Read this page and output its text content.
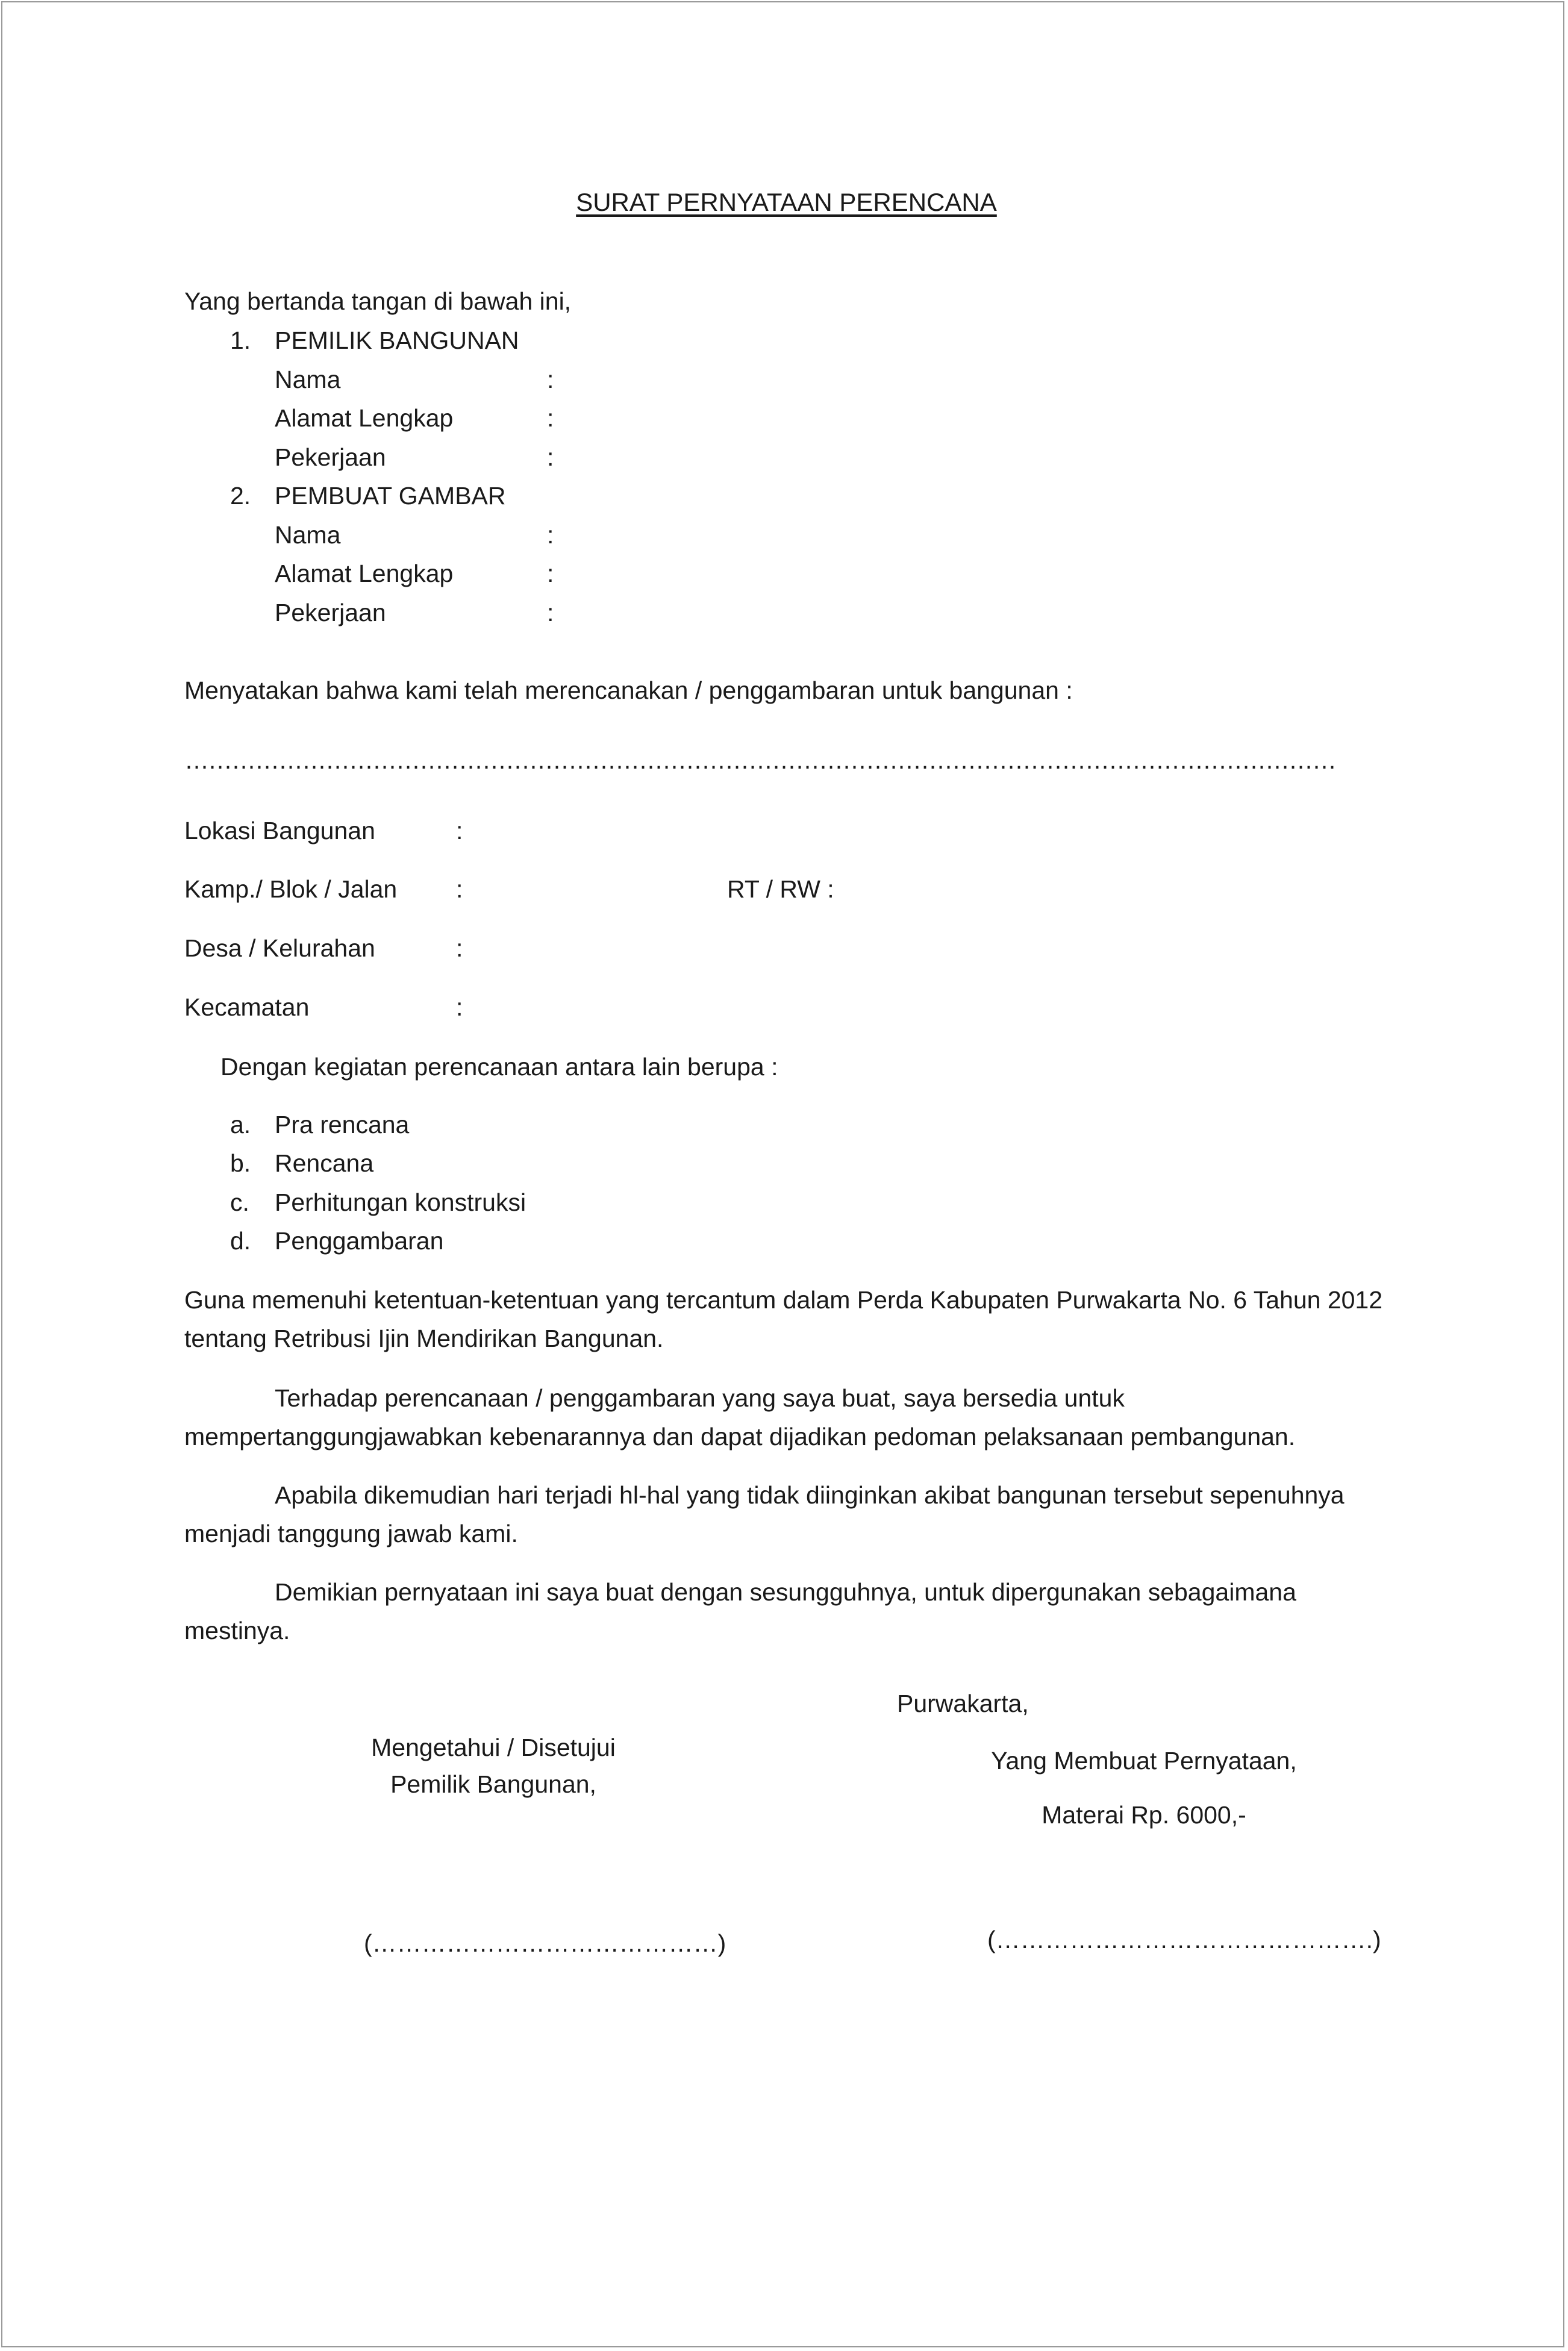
SURAT PERNYATAAN PERENCANA
Yang bertanda tangan di bawah ini,
1. PEMILIK BANGUNAN
Nama	:
Alamat Lengkap	:
Pekerjaan	:
2. PEMBUAT GAMBAR
Nama	:
Alamat Lengkap	:
Pekerjaan	:
Menyatakan bahwa kami telah merencanakan / penggambaran untuk bangunan :
…………………………………………………………………………………………………………………………………
Lokasi Bangunan	:
Kamp./ Blok / Jalan :	RT / RW :
Desa / Kelurahan	:
Kecamatan	:
Dengan kegiatan perencanaan antara lain berupa :
a. Pra rencana
b. Rencana
c. Perhitungan konstruksi
d. Penggambaran
Guna memenuhi ketentuan-ketentuan yang tercantum dalam Perda Kabupaten Purwakarta No. 6 Tahun 2012 tentang Retribusi Ijin Mendirikan Bangunan.
Terhadap perencanaan / penggambaran yang saya buat, saya bersedia untuk mempertanggungjawabkan kebenarannya dan dapat dijadikan pedoman pelaksanaan pembangunan.
Apabila dikemudian hari terjadi hl-hal yang tidak diinginkan akibat bangunan tersebut sepenuhnya menjadi tanggung jawab kami.
Demikian pernyataan ini saya buat dengan sesungguhnya, untuk dipergunakan sebagaimana mestinya.
Purwakarta,
Mengetahui / Disetujui
Pemilik Bangunan,
Yang Membuat Pernyataan,
Materai Rp. 6000,-
(……………………………………)	(……………………………………….)
